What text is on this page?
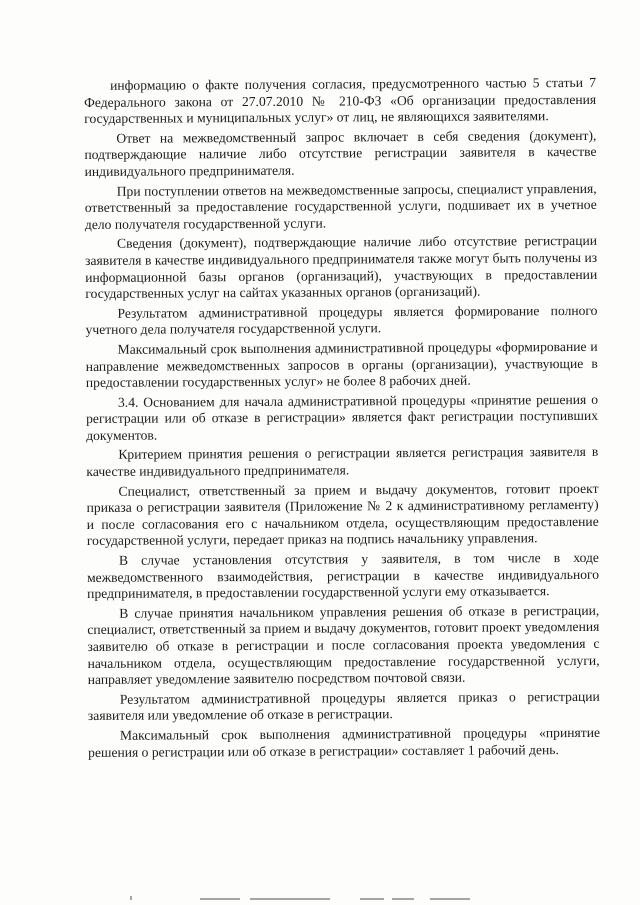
информацию о факте получения согласия, предусмотренного частью 5 статьи 7 Федерального закона от 27.07.2010 № 210-ФЗ «Об организации предоставления государственных и муниципальных услуг» от лиц, не являющихся заявителями.

Ответ на межведомственный запрос включает в себя сведения (документ), подтверждающие наличие либо отсутствие регистрации заявителя в качестве индивидуального предпринимателя.

При поступлении ответов на межведомственные запросы, специалист управления, ответственный за предоставление государственной услуги, подшивает их в учетное дело получателя государственной услуги.

Сведения (документ), подтверждающие наличие либо отсутствие регистрации заявителя в качестве индивидуального предпринимателя также могут быть получены из информационной базы органов (организаций), участвующих в предоставлении государственных услуг на сайтах указанных органов (организаций).

Результатом административной процедуры является формирование полного учетного дела получателя государственной услуги.

Максимальный срок выполнения административной процедуры «формирование и направление межведомственных запросов в органы (организации), участвующие в предоставлении государственных услуг» не более 8 рабочих дней.

3.4. Основанием для начала административной процедуры «принятие решения о регистрации или об отказе в регистрации» является факт регистрации поступивших документов.

Критерием принятия решения о регистрации является регистрация заявителя в качестве индивидуального предпринимателя.

Специалист, ответственный за прием и выдачу документов, готовит проект приказа о регистрации заявителя (Приложение № 2 к административному регламенту) и после согласования его с начальником отдела, осуществляющим предоставление государственной услуги, передает приказ на подпись начальнику управления.

В случае установления отсутствия у заявителя, в том числе в ходе межведомственного взаимодействия, регистрации в качестве индивидуального предпринимателя, в предоставлении государственной услуги ему отказывается.

В случае принятия начальником управления решения об отказе в регистрации, специалист, ответственный за прием и выдачу документов, готовит проект уведомления заявителю об отказе в регистрации и после согласования проекта уведомления с начальником отдела, осуществляющим предоставление государственной услуги, направляет уведомление заявителю посредством почтовой связи.

Результатом административной процедуры является приказ о регистрации заявителя или уведомление об отказе в регистрации.

Максимальный срок выполнения административной процедуры «принятие решения о регистрации или об отказе в регистрации» составляет 1 рабочий день.
